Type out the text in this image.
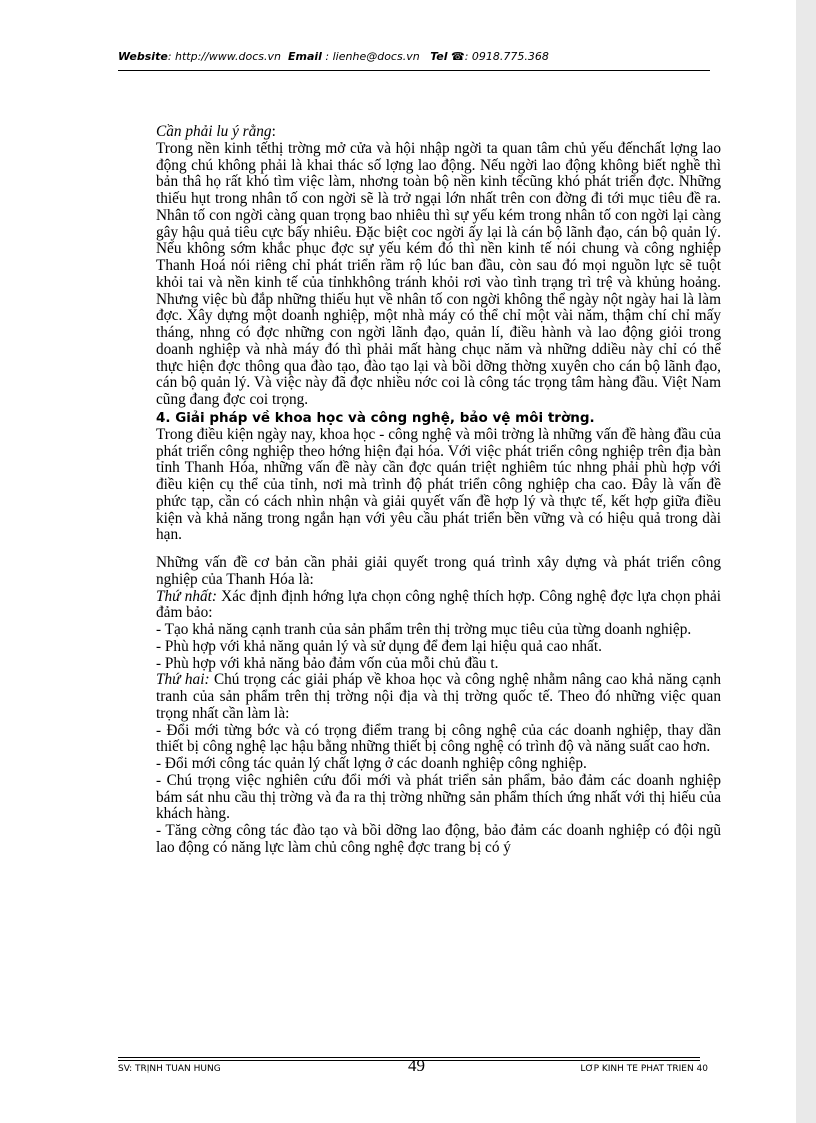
Website: http://www.docs.vn Email : lienhe@docs.vn Tel ☎: 0918.775.368

Cần phải lu ý rằng:

Trong nền kinh tếthị trờng mở cửa và hội nhập ngời ta quan tâm chủ yếu đếnchất lợng lao động chú không phải là khai thác số lợng lao động. Nếu ngời lao động không biết nghề thì bản thâ họ rất khó tìm việc làm, nhơng toàn bộ nền kinh tếcũng khó phát triển đợc. Những thiếu hụt trong nhân tố con ngời sẽ là trở ngại lớn nhất trên con đờng đi tới mục tiêu đề ra. Nhân tố con ngời càng quan trọng bao nhiêu thì sự yếu kém trong nhân tố con ngời lại càng gây hậu quả tiêu cực bấy nhiêu. Đặc biệt coc ngời ấy lại là cán bộ lãnh đạo, cán bộ quản lý. Nếu không sớm khắc phục đợc sự yếu kém đó thì nền kinh tế nói chung và công nghiệp Thanh Hoá nói riêng chỉ phát triển rầm rộ lúc ban đầu, còn sau đó mọi nguồn lực sẽ tuột khỏi tai và nền kinh tế của tỉnhkhông tránh khỏi rơi vào tình trạng trì trệ và khủng hoảng. Nhưng việc bù đắp những thiếu hụt về nhân tố con ngời không thể ngày nột ngày hai là làm đợc. Xây dựng một doanh nghiệp, một nhà máy có thể chỉ một vài năm, thậm chí chỉ mấy tháng, nhng có đợc những con ngời lãnh đạo, quản lí, điều hành và lao động giỏi trong doanh nghiệp và nhà máy đó thì phải mất hàng chục năm và những ddiều này chỉ có thể thực hiện đợc thông qua đào tạo, đào tạo lại và bồi dỡng thờng xuyên cho cán bộ lãnh đạo, cán bộ quản lý. Và việc này đã đợc nhiều nớc coi là công tác trọng tâm hàng đầu. Việt Nam cũng đang đợc coi trọng.

4. Giải pháp về khoa học và công nghệ, bảo vệ môi trờng.

Trong điều kiện ngày nay, khoa học - công nghệ và môi trờng là những vấn đề hàng đầu của phát triển công nghiệp theo hớng hiện đại hóa. Với việc phát triển công nghiệp trên địa bàn tỉnh Thanh Hóa, những vấn đề này cần đợc quán triệt nghiêm túc nhng phải phù hợp với điều kiện cụ thể của tỉnh, nơi mà trình độ phát triển công nghiệp cha cao. Đây là vấn đề phức tạp, cần có cách nhìn nhận và giải quyết vấn đề hợp lý và thực tế, kết hợp giữa điều kiện và khả năng trong ngắn hạn với yêu cầu phát triển bền vững và có hiệu quả trong dài hạn.

Những vấn đề cơ bản cần phải giải quyết trong quá trình xây dựng và phát triển công nghiệp của Thanh Hóa là:

Thứ nhất: Xác định định hớng lựa chọn công nghệ thích hợp. Công nghệ đợc lựa chọn phải đảm bảo:

- Tạo khả năng cạnh tranh của sản phẩm trên thị trờng mục tiêu của từng doanh nghiệp.

- Phù hợp với khả năng quản lý và sử dụng để đem lại hiệu quả cao nhất.

- Phù hợp với khả năng bảo đảm vốn của mỗi chủ đầu t.

Thứ hai: Chú trọng các giải pháp về khoa học và công nghệ nhằm nâng cao khả năng cạnh tranh của sản phẩm trên thị trờng nội địa và thị trờng quốc tế. Theo đó những việc quan trọng nhất cần làm là:

- Đổi mới từng bớc và có trọng điểm trang bị công nghệ của các doanh nghiệp, thay dần thiết bị công nghệ lạc hậu bằng những thiết bị công nghệ có trình độ và năng suất cao hơn.

- Đổi mới công tác quản lý chất lợng ở các doanh nghiệp công nghiệp.

- Chú trọng việc nghiên cứu đổi mới và phát triển sản phẩm, bảo đảm các doanh nghiệp bám sát nhu cầu thị trờng và đa ra thị trờng những sản phẩm thích ứng nhất với thị hiếu của khách hàng.

- Tăng cờng công tác đào tạo và bồi dỡng lao động, bảo đảm các doanh nghiệp có đội ngũ lao động có năng lực làm chủ công nghệ đợc trang bị có ý

49
SV: TRỊNH TUẤN HÙNG	LỚP KINH TẾ PHÁT TRIỂN 40
